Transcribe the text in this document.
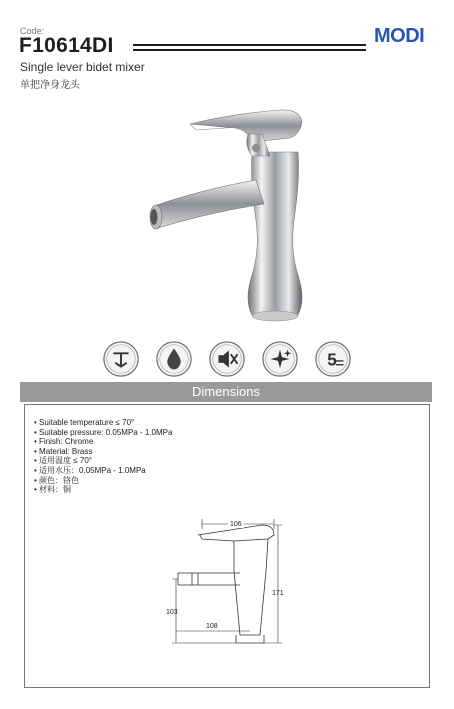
Code:
F10614DI	MODI
Single lever bidet mixer
单把净身龙头
5
Dimensions
• Suitable temperature ≤ 70°
• Suitable pressure: 0.05MPa - 1.0MPa
• Finish: Chrome
• Material: Brass
• 适用温度 ≤ 70°
• 适用水压：0.05MPa - 1.0MPa
• 颜色：铬色
• 材料：铜
106
171
103
108
